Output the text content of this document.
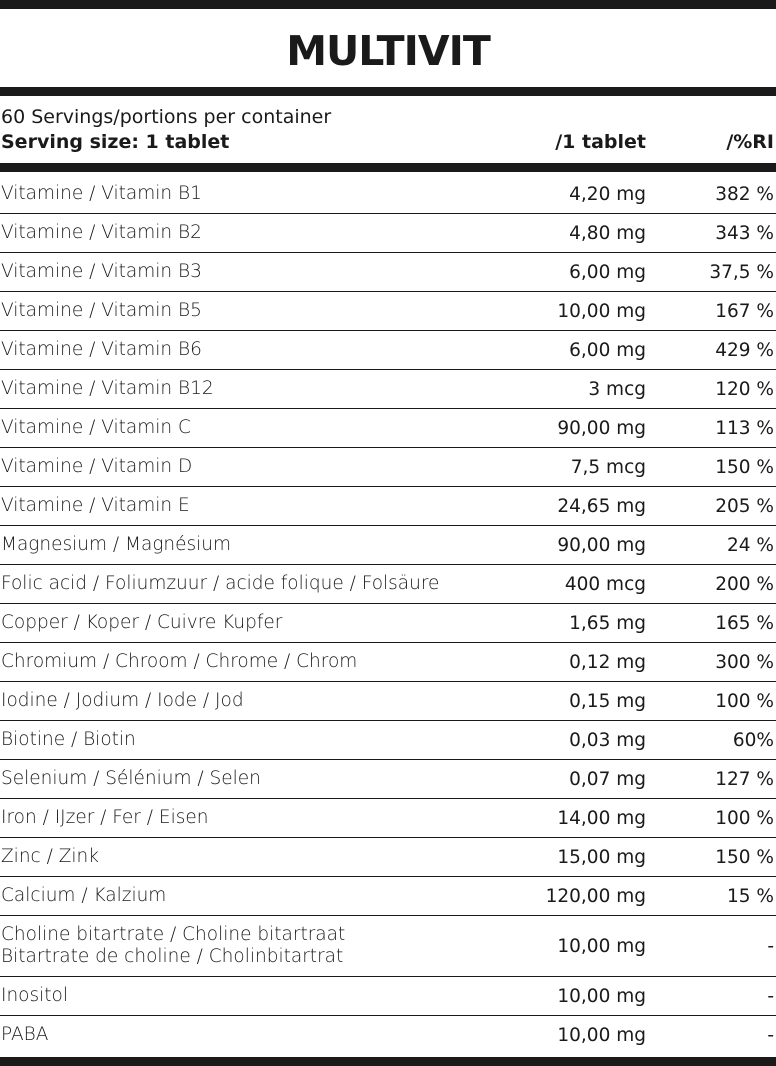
MULTIVIT
60 Servings/portions per container
Serving size: 1 tablet	/1 tablet	/%RI
Vitamine / Vitamin B1	4,20 mg	382 %
Vitamine / Vitamin B2	4,80 mg	343 %
Vitamine / Vitamin B3	6,00 mg	37,5 %
Vitamine / Vitamin B5	10,00 mg	167 %
Vitamine / Vitamin B6	6,00 mg	429 %
Vitamine / Vitamin B12	3 mcg	120 %
Vitamine / Vitamin C	90,00 mg	113 %
Vitamine / Vitamin D	7,5 mcg	150 %
Vitamine / Vitamin E	24,65 mg	205 %
Magnesium / Magnésium	90,00 mg	24 %
Folic acid / Foliumzuur / acide folique / Folsäure	400 mcg	200 %
Copper / Koper / Cuivre Kupfer	1,65 mg	165 %
Chromium / Chroom / Chrome / Chrom	0,12 mg	300 %
Iodine / Jodium / Iode / Jod	0,15 mg	100 %
Biotine / Biotin	0,03 mg	60%
Selenium / Sélénium / Selen	0,07 mg	127 %
Iron / IJzer / Fer / Eisen	14,00 mg	100 %
Zinc / Zink	15,00 mg	150 %
Calcium / Kalzium	120,00 mg	15 %
Choline bitartrate / Choline bitartraat
Bitartrate de choline / Cholinbitartrat	10,00 mg	-
Inositol	10,00 mg	-
PABA	10,00 mg	-
